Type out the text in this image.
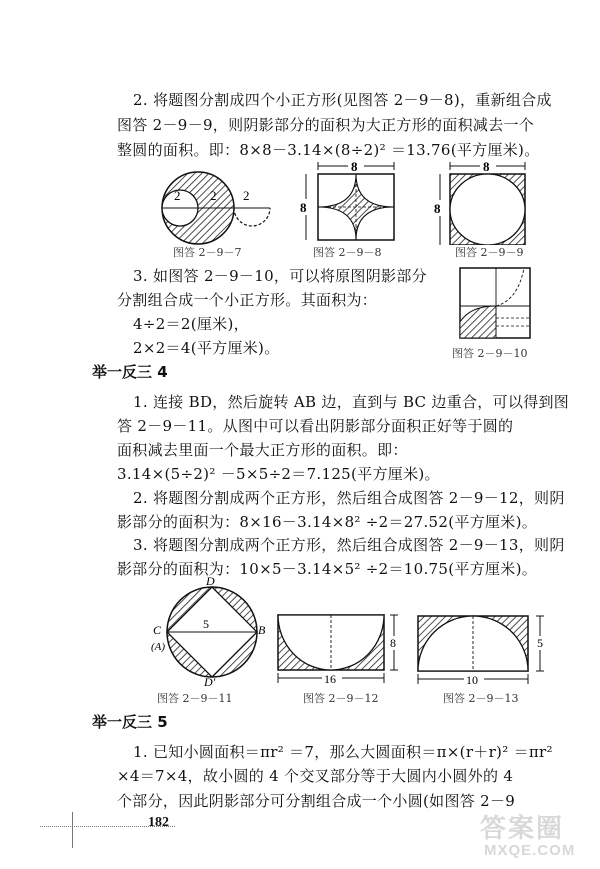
2. 将题图分割成四个小正方形(见图答 2－9－8)，重新组合成
图答 2－9－9，则阴影部分的面积为大正方形的面积减去一个
整圆的面积。即：8×8－3.14×(8÷2)² ＝13.76(平方厘米)。
2 2 2
图答 2－9－7
8
8
图答 2－9－8
8
8
图答 2－9－9
3. 如图答 2－9－10，可以将原图阴影部分
分割组合成一个小正方形。其面积为：
4÷2＝2(厘米)，
2×2＝4(平方厘米)。	图答 2－9－10
举一反三 4
1. 连接 BD，然后旋转 AB 边，直到与 BC 边重合，可以得到图
答 2－9－11。从图中可以看出阴影部分面积正好等于圆的
面积减去里面一个最大正方形的面积。即：
3.14×(5÷2)² －5×5÷2＝7.125(平方厘米)。
2. 将题图分割成两个正方形，然后组合成图答 2－9－12，则阴
影部分的面积为：8×16－3.14×8² ÷2＝27.52(平方厘米)。
3. 将题图分割成两个正方形，然后组合成图答 2－9－13，则阴
影部分的面积为：10×5－3.14×5² ÷2＝10.75(平方厘米)。
D
D′
C
(A)
B
5
图答 2－9－11
16
8
图答 2－9－12
10
5
图答 2－9－13
举一反三 5
1. 已知小圆面积＝πr² ＝7，那么大圆面积＝π×(r＋r)² ＝πr²
×4＝7×4，故小圆的 4 个交叉部分等于大圆内小圆外的 4
个部分，因此阴影部分可分割组合成一个小圆(如图答 2－9
182	答案圈
MXQE.COM
